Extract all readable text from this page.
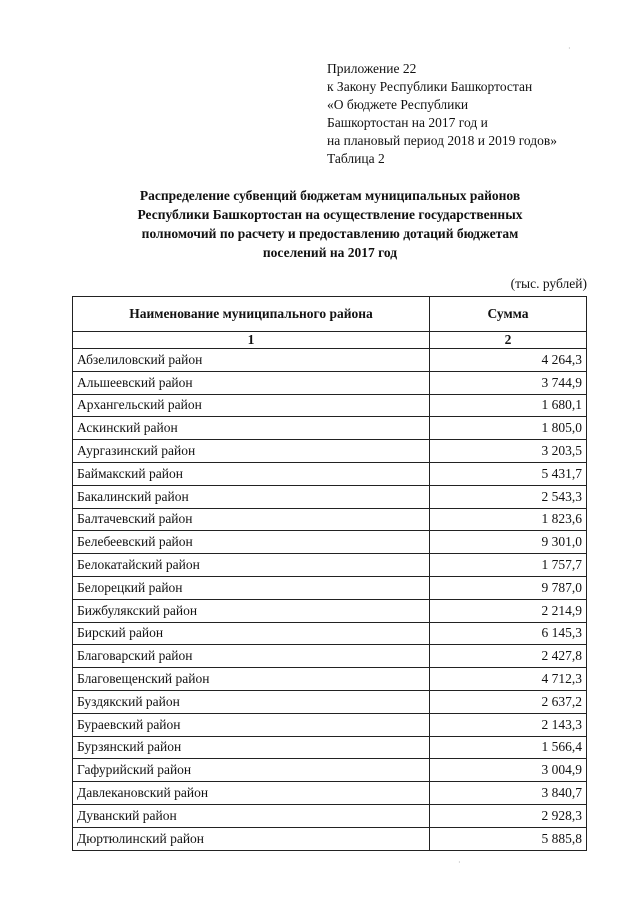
Приложение 22
к Закону Республики Башкортостан
«О бюджете Республики
Башкортостан на 2017 год и
на плановый период 2018 и 2019 годов»
Таблица 2
Распределение субвенций бюджетам муниципальных районов
Республики Башкортостан на осуществление государственных
полномочий по расчету и предоставлению дотаций бюджетам
поселений на 2017 год
(тыс. рублей)
Наименование муниципального района	Сумма
1	2
Абзелиловский район	4 264,3
Альшеевский район	3 744,9
Архангельский район	1 680,1
Аскинский район	1 805,0
Аургазинский район	3 203,5
Баймакский район	5 431,7
Бакалинский район	2 543,3
Балтачевский район	1 823,6
Белебеевский район	9 301,0
Белокатайский район	1 757,7
Белорецкий район	9 787,0
Бижбулякский район	2 214,9
Бирский район	6 145,3
Благоварский район	2 427,8
Благовещенский район	4 712,3
Буздякский район	2 637,2
Бураевский район	2 143,3
Бурзянский район	1 566,4
Гафурийский район	3 004,9
Давлекановский район	3 840,7
Дуванский район	2 928,3
Дюртюлинский район	5 885,8
·
·
